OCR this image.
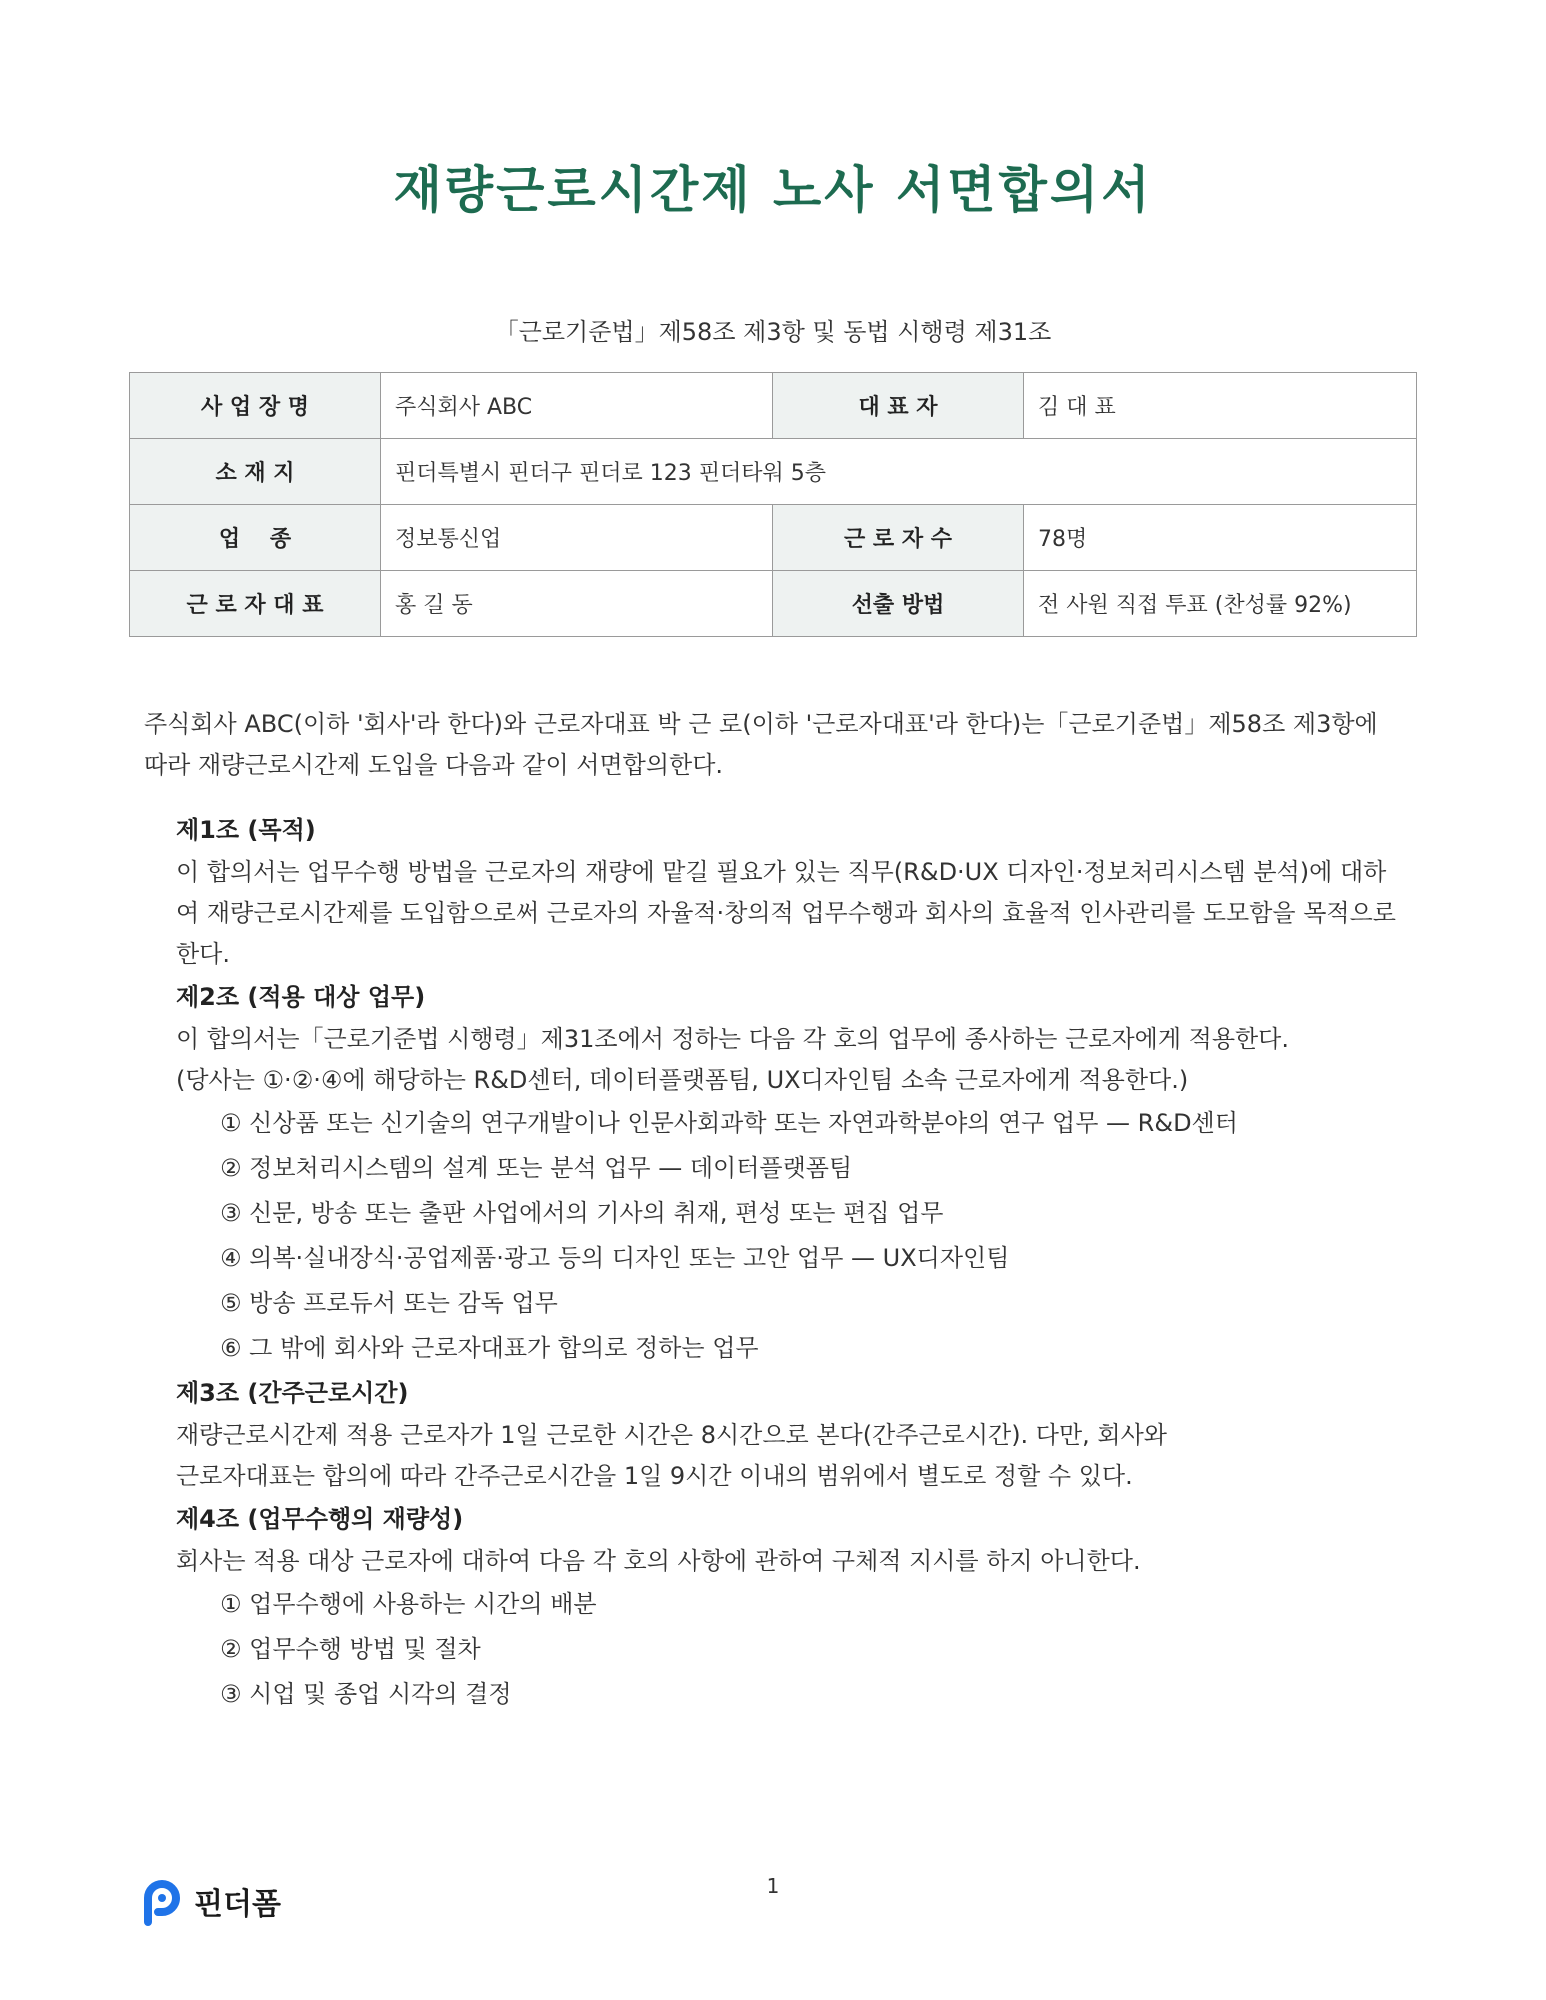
재량근로시간제 노사 서면합의서
「근로기준법」제58조 제3항 및 동법 시행령 제31조
사 업 장 명	주식회사 ABC	대 표 자	김 대 표
소 재 지	핀더특별시 핀더구 핀더로 123 핀더타워 5층		
업　 종	정보통신업	근 로 자 수	78명
근 로 자 대 표	홍 길 동	선출 방법	전 사원 직접 투표 (찬성률 92%)
주식회사 ABC(이하 '회사'라 한다)와 근로자대표 박 근 로(이하 '근로자대표'라 한다)는「근로기준법」제58조 제3항에 따라 재량근로시간제 도입을 다음과 같이 서면합의한다.
제1조 (목적)
이 합의서는 업무수행 방법을 근로자의 재량에 맡길 필요가 있는 직무(R&D·UX 디자인·정보처리시스템 분석)에 대하여 재량근로시간제를 도입함으로써 근로자의 자율적·창의적 업무수행과 회사의 효율적 인사관리를 도모함을 목적으로 한다.
제2조 (적용 대상 업무)
이 합의서는「근로기준법 시행령」제31조에서 정하는 다음 각 호의 업무에 종사하는 근로자에게 적용한다.
(당사는 ①·②·④에 해당하는 R&D센터, 데이터플랫폼팀, UX디자인팀 소속 근로자에게 적용한다.)
① 신상품 또는 신기술의 연구개발이나 인문사회과학 또는 자연과학분야의 연구 업무 — R&D센터
② 정보처리시스템의 설계 또는 분석 업무 — 데이터플랫폼팀
③ 신문, 방송 또는 출판 사업에서의 기사의 취재, 편성 또는 편집 업무
④ 의복·실내장식·공업제품·광고 등의 디자인 또는 고안 업무 — UX디자인팀
⑤ 방송 프로듀서 또는 감독 업무
⑥ 그 밖에 회사와 근로자대표가 합의로 정하는 업무
제3조 (간주근로시간)
재량근로시간제 적용 근로자가 1일 근로한 시간은 8시간으로 본다(간주근로시간). 다만, 회사와
근로자대표는 합의에 따라 간주근로시간을 1일 9시간 이내의 범위에서 별도로 정할 수 있다.
제4조 (업무수행의 재량성)
회사는 적용 대상 근로자에 대하여 다음 각 호의 사항에 관하여 구체적 지시를 하지 아니한다.
① 업무수행에 사용하는 시간의 배분
② 업무수행 방법 및 절차
③ 시업 및 종업 시각의 결정
핀더폼
1
